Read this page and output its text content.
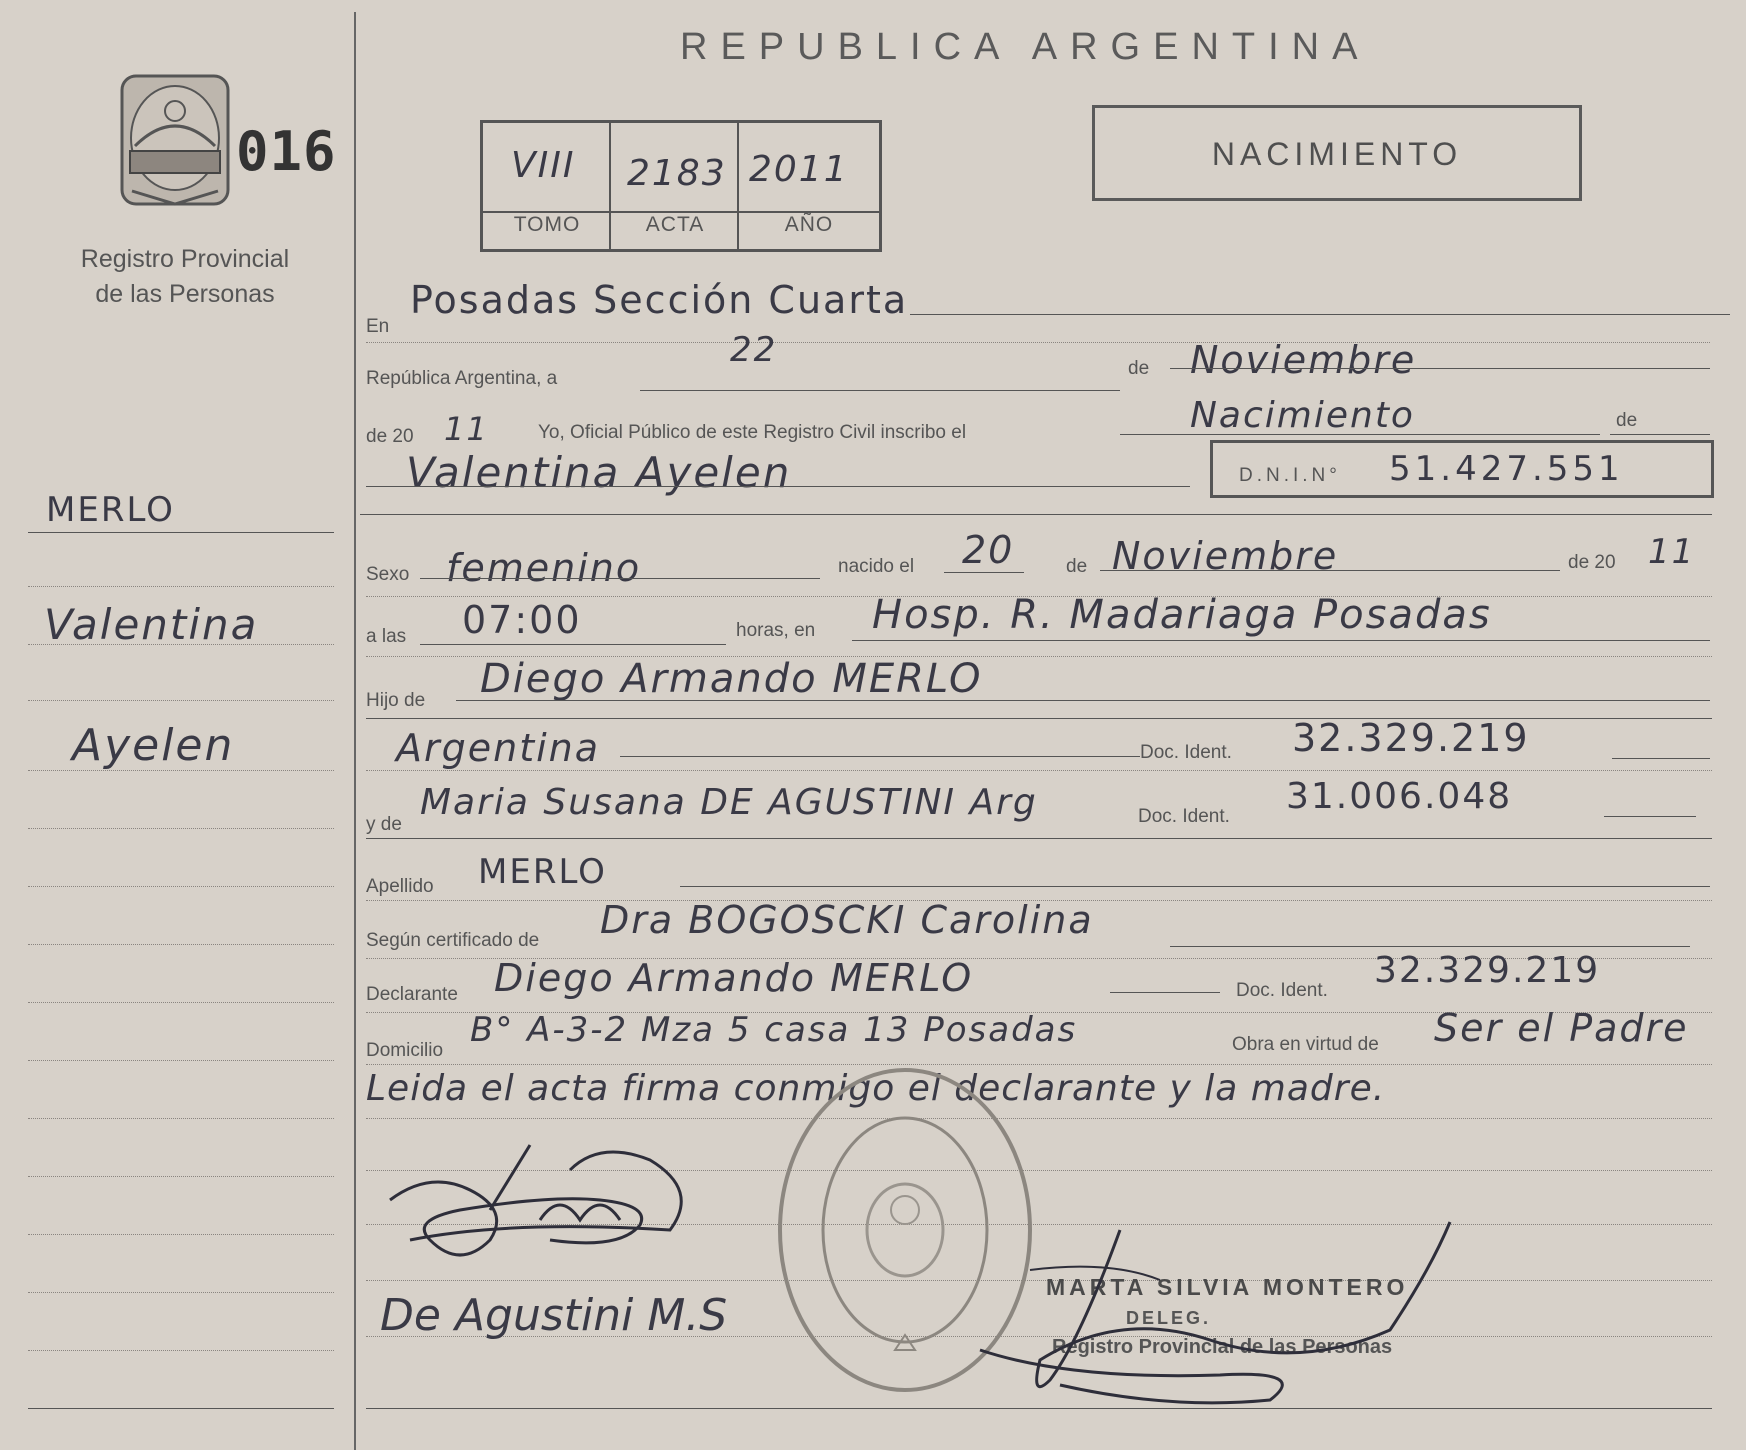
016
Registro Provincial
de las Personas
MERLO
Valentina
Ayelen
REPUBLICA ARGENTINA
VIII 2183 2011
TOMO	ACTA	AÑO
NACIMIENTO
En
Posadas Sección Cuarta
República Argentina, a
22	de Noviembre
de 20 11	Yo, Oficial Público de este Registro Civil inscribo el	Nacimiento	de
Valentina Ayelen	D.N.I.N° 51.427.551
Sexo femenino	nacido el 20	de Noviembre	de 20 11
a las 07:00	horas, en Hosp. R. Madariaga Posadas
Hijo de Diego Armando MERLO
Argentina	Doc. Ident. 32.329.219
y de
Maria Susana DE AGUSTINI Arg	Doc. Ident. 31.006.048
Apellido MERLO
Según certificado de Dra BOGOSCKI Carolina
Declarante Diego Armando MERLO	Doc. Ident. 32.329.219
Domicilio
B° A-3-2 Mza 5 casa 13 Posadas	Obra en virtud de Ser el Padre
Leida el acta firma conmigo el declarante y la madre.
De Agustini M.S
MARTA SILVIA MONTERO
DELEG.
Registro Provincial de las Personas
